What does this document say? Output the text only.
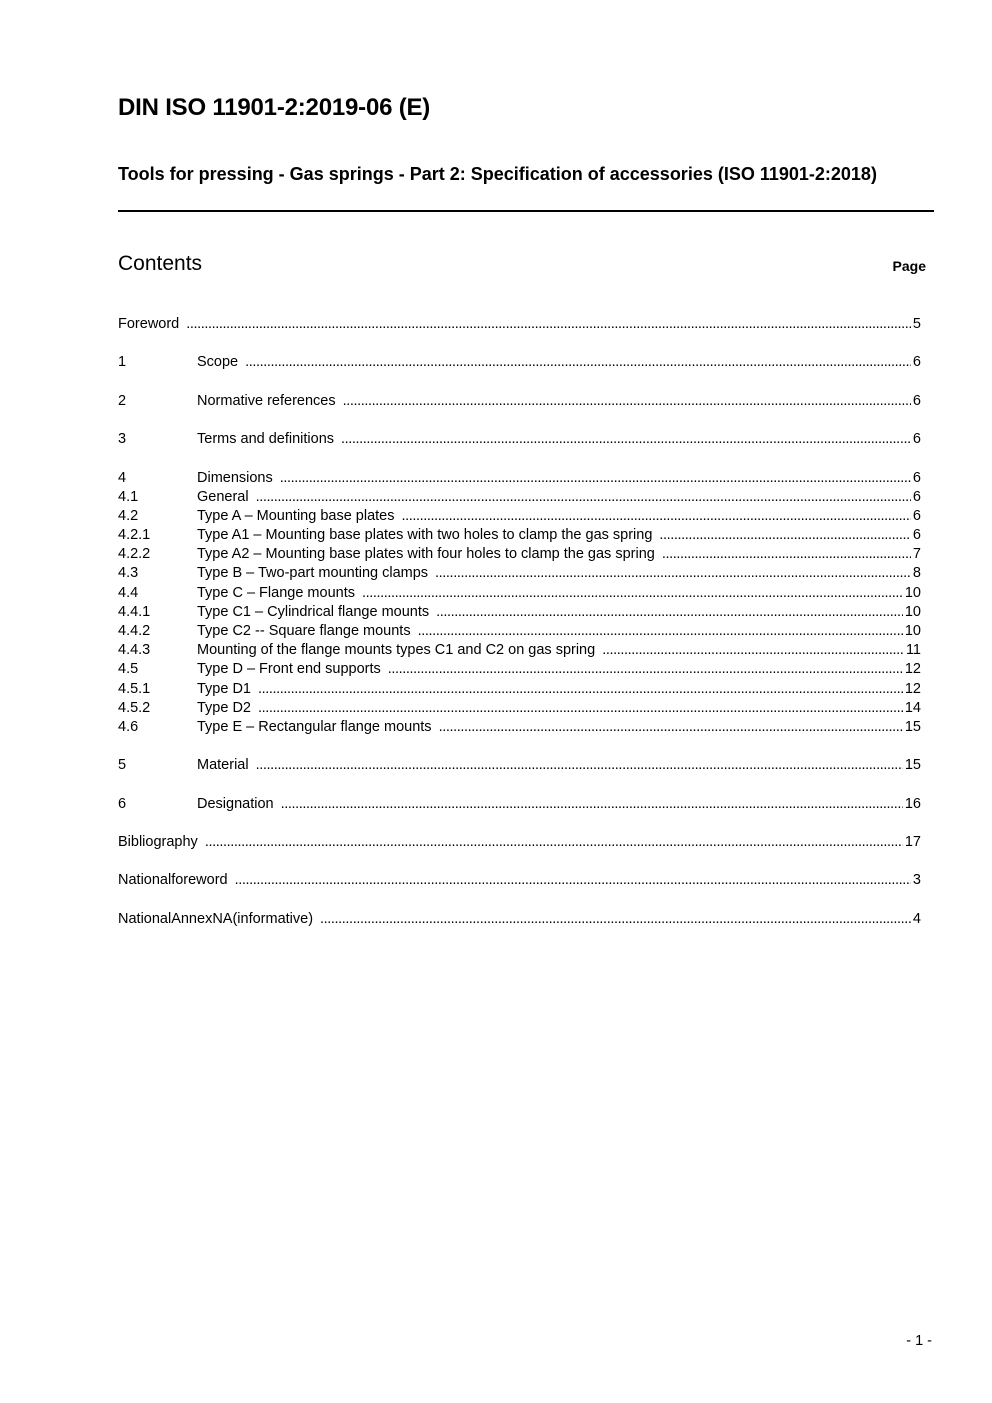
DIN ISO 11901-2:2019-06 (E)
Tools for pressing - Gas springs - Part 2: Specification of accessories (ISO 11901-2:2018)
Contents	Page
Foreword .....	5
1	Scope .....	6
2	Normative references .....	6
3	Terms and definitions .....	6
4	Dimensions .....	6
4.1	General .....	6
4.2	Type A – Mounting base plates .....	6
4.2.1	Type A1 – Mounting base plates with two holes to clamp the gas spring .....	6
4.2.2	Type A2 – Mounting base plates with four holes to clamp the gas spring .....	7
4.3	Type B – Two-part mounting clamps .....	8
4.4	Type C – Flange mounts .....	10
4.4.1	Type C1 – Cylindrical flange mounts .....	10
4.4.2	Type C2 -- Square flange mounts .....	10
4.4.3	Mounting of the flange mounts types C1 and C2 on gas spring .....	11
4.5	Type D – Front end supports .....	12
4.5.1	Type D1 .....	12
4.5.2	Type D2 .....	14
4.6	Type E – Rectangular flange mounts .....	15
5	Material .....	15
6	Designation .....	16
Bibliography .....	17
Nationalforeword .....	3
NationalAnnexNA(informative) .....	4
- 1 -
